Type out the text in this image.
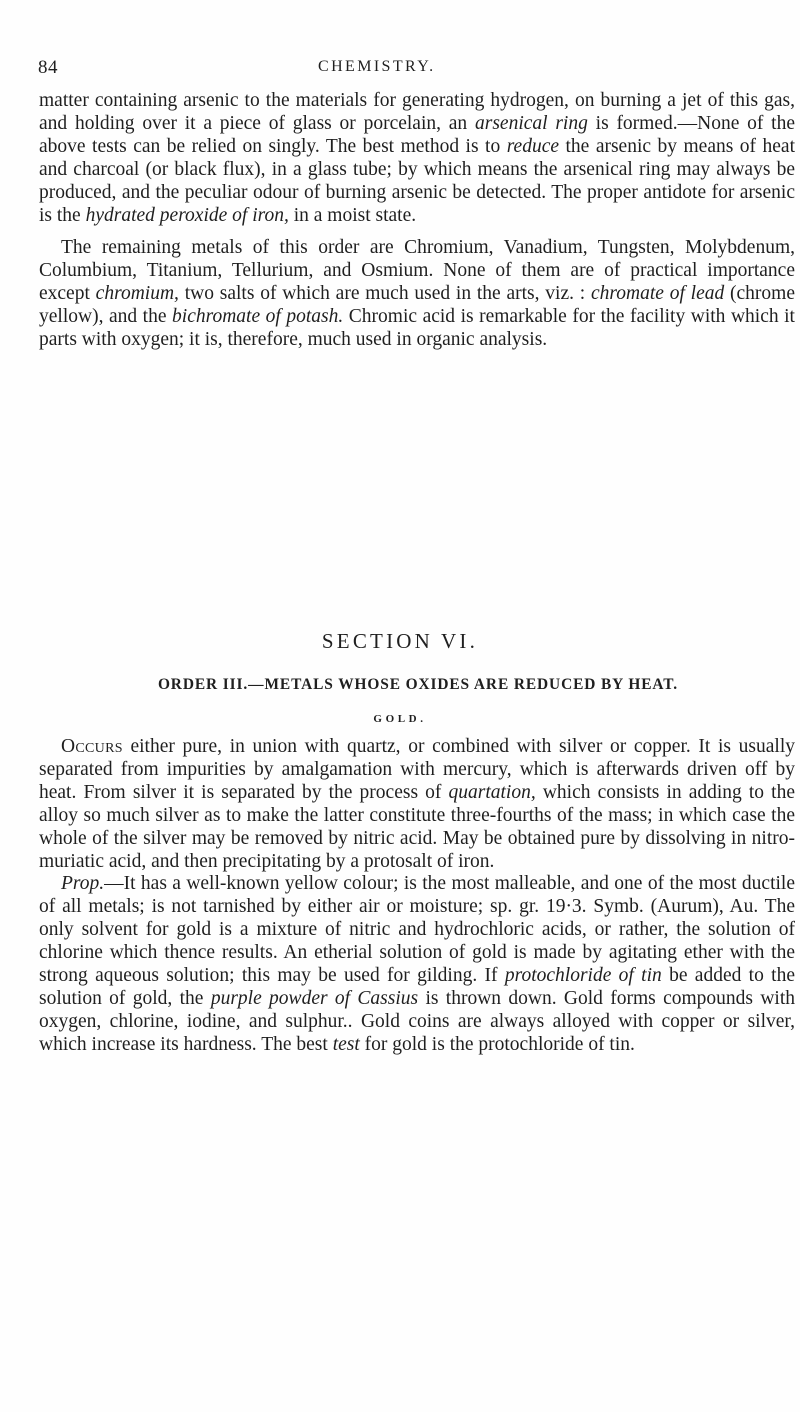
84	CHEMISTRY.

matter containing arsenic to the materials for generating hydrogen, on burning a jet of this gas, and holding over it a piece of glass or porcelain, an arsenical ring is formed.—None of the above tests can be relied on singly. The best method is to reduce the arsenic by means of heat and charcoal (or black flux), in a glass tube; by which means the arsenical ring may always be produced, and the peculiar odour of burning arsenic be detected. The proper antidote for arsenic is the hydrated peroxide of iron, in a moist state.

The remaining metals of this order are Chromium, Vanadium, Tungsten, Molybdenum, Columbium, Titanium, Tellurium, and Osmium. None of them are of practical importance except chromium, two salts of which are much used in the arts, viz. : chromate of lead (chrome yellow), and the bichromate of potash. Chromic acid is remarkable for the facility with which it parts with oxygen; it is, therefore, much used in organic analysis.

SECTION VI.
ORDER III.—METALS WHOSE OXIDES ARE REDUCED BY HEAT.
GOLD.

Occurs either pure, in union with quartz, or combined with silver or copper. It is usually separated from impurities by amalgamation with mercury, which is afterwards driven off by heat. From silver it is separated by the process of quartation, which consists in adding to the alloy so much silver as to make the latter constitute three-fourths of the mass; in which case the whole of the silver may be removed by nitric acid. May be obtained pure by dissolving in nitro-muriatic acid, and then precipitating by a protosalt of iron.

Prop.—It has a well-known yellow colour; is the most malleable, and one of the most ductile of all metals; is not tarnished by either air or moisture; sp. gr. 19·3. Symb. (Aurum), Au. The only solvent for gold is a mixture of nitric and hydrochloric acids, or rather, the solution of chlorine which thence results. An etherial solution of gold is made by agitating ether with the strong aqueous solution; this may be used for gilding. If protochloride of tin be added to the solution of gold, the purple powder of Cassius is thrown down. Gold forms compounds with oxygen, chlorine, iodine, and sulphur.. Gold coins are always alloyed with copper or silver, which increase its hardness. The best test for gold is the protochloride of tin.
